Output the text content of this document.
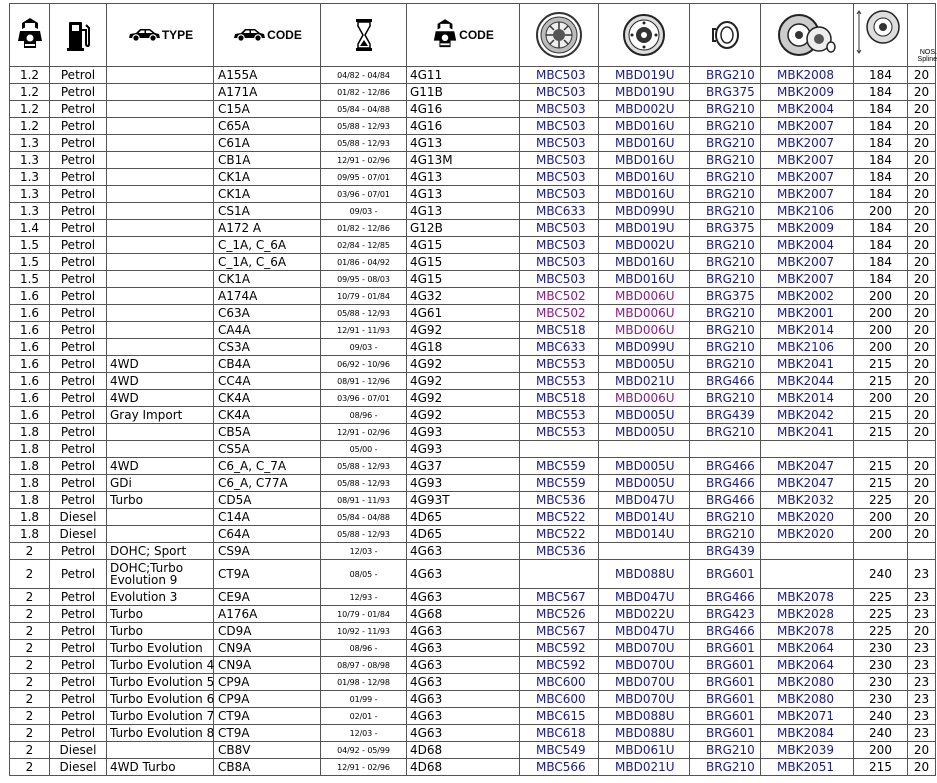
TYPE	CODE		CODE						NOS.
Spline

1.2	Petrol		A155A	04/82 - 04/84	4G11	MBC503	MBD019U	BRG210	MBK2008	184	20
1.2	Petrol		A171A	01/82 - 12/86	G11B	MBC503	MBD019U	BRG375	MBK2009	184	20
1.2	Petrol		C15A	05/84 - 04/88	4G16	MBC503	MBD002U	BRG210	MBK2004	184	20
1.2	Petrol		C65A	05/88 - 12/93	4G16	MBC503	MBD016U	BRG210	MBK2007	184	20
1.3	Petrol		C61A	05/88 - 12/93	4G13	MBC503	MBD016U	BRG210	MBK2007	184	20
1.3	Petrol		CB1A	12/91 - 02/96	4G13M	MBC503	MBD016U	BRG210	MBK2007	184	20
1.3	Petrol		CK1A	09/95 - 07/01	4G13	MBC503	MBD016U	BRG210	MBK2007	184	20
1.3	Petrol		CK1A	03/96 - 07/01	4G13	MBC503	MBD016U	BRG210	MBK2007	184	20
1.3	Petrol		CS1A	09/03 -	4G13	MBC633	MBD099U	BRG210	MBK2106	200	20
1.4	Petrol		A172 A	01/82 - 12/86	G12B	MBC503	MBD019U	BRG375	MBK2009	184	20
1.5	Petrol		C_1A, C_6A	02/84 - 12/85	4G15	MBC503	MBD002U	BRG210	MBK2004	184	20
1.5	Petrol		C_1A, C_6A	01/86 - 04/92	4G15	MBC503	MBD016U	BRG210	MBK2007	184	20
1.5	Petrol		CK1A	09/95 - 08/03	4G15	MBC503	MBD016U	BRG210	MBK2007	184	20
1.6	Petrol		A174A	10/79 - 01/84	4G32	MBC502	MBD006U	BRG375	MBK2002	200	20
1.6	Petrol		C63A	05/88 - 12/93	4G61	MBC502	MBD006U	BRG210	MBK2001	200	20
1.6	Petrol		CA4A	12/91 - 11/93	4G92	MBC518	MBD006U	BRG210	MBK2014	200	20
1.6	Petrol		CS3A	09/03 -	4G18	MBC633	MBD099U	BRG210	MBK2106	200	20
1.6	Petrol	4WD	CB4A	06/92 - 10/96	4G92	MBC553	MBD005U	BRG210	MBK2041	215	20
1.6	Petrol	4WD	CC4A	08/91 - 12/96	4G92	MBC553	MBD021U	BRG466	MBK2044	215	20
1.6	Petrol	4WD	CK4A	03/96 - 07/01	4G92	MBC518	MBD006U	BRG210	MBK2014	200	20
1.6	Petrol	Gray Import	CK4A	08/96 -	4G92	MBC553	MBD005U	BRG439	MBK2042	215	20
1.8	Petrol		CB5A	12/91 - 02/96	4G93	MBC553	MBD005U	BRG210	MBK2041	215	20
1.8	Petrol		CS5A	05/00 -	4G93						
1.8	Petrol	4WD	C6_A, C_7A	05/88 - 12/93	4G37	MBC559	MBD005U	BRG466	MBK2047	215	20
1.8	Petrol	GDi	C6_A, C77A	05/88 - 12/93	4G93	MBC559	MBD005U	BRG466	MBK2047	215	20
1.8	Petrol	Turbo	CD5A	08/91 - 11/93	4G93T	MBC536	MBD047U	BRG466	MBK2032	225	20
1.8	Diesel		C14A	05/84 - 04/88	4D65	MBC522	MBD014U	BRG210	MBK2020	200	20
1.8	Diesel		C64A	05/88 - 12/93	4D65	MBC522	MBD014U	BRG210	MBK2020	200	20
2	Petrol	DOHC; Sport	CS9A	12/03 -	4G63	MBC536		BRG439			
2	Petrol	DOHC;Turbo Evolution 9	CT9A	08/05 -	4G63		MBD088U	BRG601		240	23
2	Petrol	Evolution 3	CE9A	12/93 -	4G63	MBC567	MBD047U	BRG466	MBK2078	225	23
2	Petrol	Turbo	A176A	10/79 - 01/84	4G68	MBC526	MBD022U	BRG423	MBK2028	225	23
2	Petrol	Turbo	CD9A	10/92 - 11/93	4G63	MBC567	MBD047U	BRG466	MBK2078	225	20
2	Petrol	Turbo Evolution	CN9A	08/96 -	4G63	MBC592	MBD070U	BRG601	MBK2064	230	23
2	Petrol	Turbo Evolution 4	CN9A	08/97 - 08/98	4G63	MBC592	MBD070U	BRG601	MBK2064	230	23
2	Petrol	Turbo Evolution 5	CP9A	01/98 - 12/98	4G63	MBC600	MBD070U	BRG601	MBK2080	230	23
2	Petrol	Turbo Evolution 6	CP9A	01/99 -	4G63	MBC600	MBD070U	BRG601	MBK2080	230	23
2	Petrol	Turbo Evolution 7	CT9A	02/01 -	4G63	MBC615	MBD088U	BRG601	MBK2071	240	23
2	Petrol	Turbo Evolution 8	CT9A	12/03 -	4G63	MBC618	MBD088U	BRG601	MBK2084	240	23
2	Diesel		CB8V	04/92 - 05/99	4D68	MBC549	MBD061U	BRG210	MBK2039	200	20
2	Diesel	4WD Turbo	CB8A	12/91 - 02/96	4D68	MBC566	MBD021U	BRG210	MBK2051	215	20
